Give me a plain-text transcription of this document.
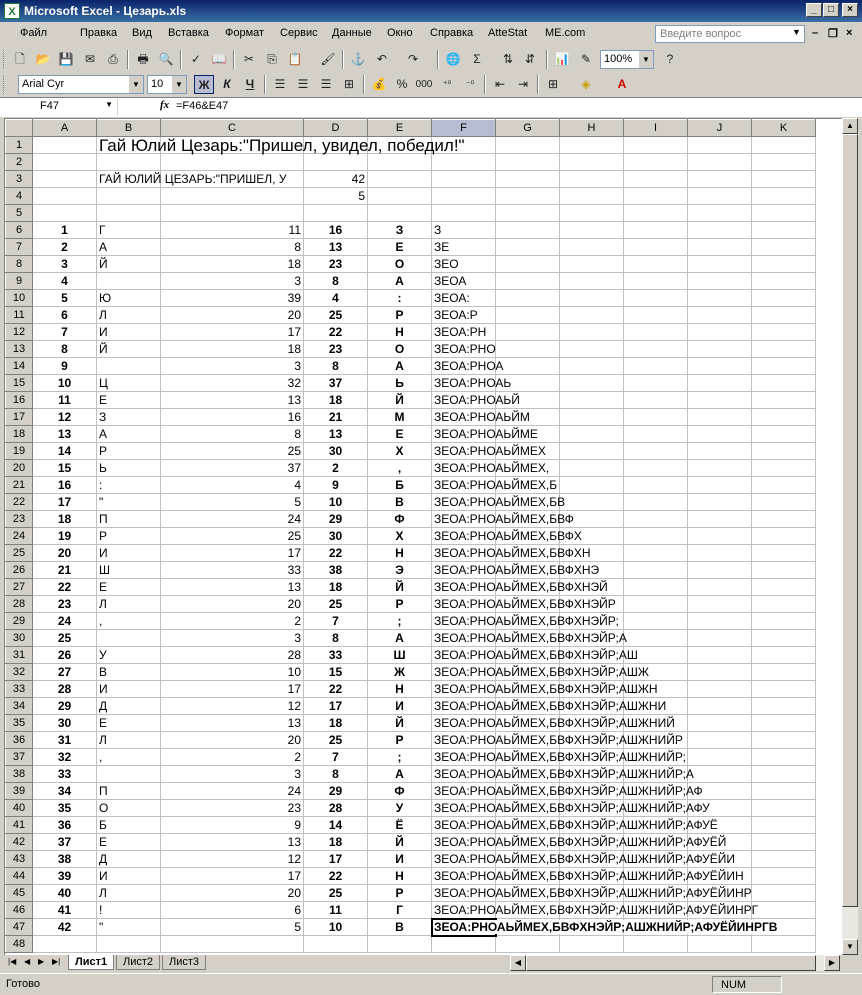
X Microsoft Excel - Цезарь.xls	_	□	×
Файл	Правка Вид Вставка Формат Сервис Данные Окно Справка AtteStat ME.com	Введите вопрос	▼ – ❐ ×
🗋 📂 💾 ✉	⎙	🖶 🔍	✓ 📖	✂	⎘ 📋 🖌 ⚓ ↶	↷	🌐	Σ	⇅ ⇵	📊 ✎	100%	▼	?
Arial Cyr	▼	10	▼	Ж	К	Ч	☰	☰	☰	⊞	💰 % 000	⁺⁰	⁻⁰	⇤	⇥	⊞	◈	A
F47	▼	fx =F46&E47
	A	B	C	D	E	F	G	H	I	J	K
1		Гай Юлий Цезарь:"Пришел, увидел, победил!"									

2											
3		ГАЙ ЮЛИЙ ЦЕЗАРЬ:"ПРИШЕЛ, У		42							
4				5							
5											
6	1	Г	11	16	З	З					

7	2	А	8	13	Е	ЗЕ					

8	3	Й	18	23	О	ЗЕО					

9	4		3	8	А	ЗЕОА					

10	5	Ю	39	4	:	ЗЕОА:					

11	6	Л	20	25	Р	ЗЕОА:Р					

12	7	И	17	22	Н	ЗЕОА:РН					

13	8	Й	18	23	О	ЗЕОА:РНО					

14	9		3	8	А	ЗЕОА:РНОА					

15	10	Ц	32	37	Ь	ЗЕОА:РНОАЬ					

16	11	Е	13	18	Й	ЗЕОА:РНОАЬЙ					

17	12	З	16	21	М	ЗЕОА:РНОАЬЙМ					

18	13	А	8	13	Е	ЗЕОА:РНОАЬЙМЕ					

19	14	Р	25	30	Х	ЗЕОА:РНОАЬЙМЕХ					

20	15	Ь	37	2	,	ЗЕОА:РНОАЬЙМЕХ,					

21	16	:	4	9	Б	ЗЕОА:РНОАЬЙМЕХ,Б					

22	17	"	5	10	В	ЗЕОА:РНОАЬЙМЕХ,БВ					

23	18	П	24	29	Ф	ЗЕОА:РНОАЬЙМЕХ,БВФ					

24	19	Р	25	30	Х	ЗЕОА:РНОАЬЙМЕХ,БВФХ					

25	20	И	17	22	Н	ЗЕОА:РНОАЬЙМЕХ,БВФХН					

26	21	Ш	33	38	Э	ЗЕОА:РНОАЬЙМЕХ,БВФХНЭ					

27	22	Е	13	18	Й	ЗЕОА:РНОАЬЙМЕХ,БВФХНЭЙ					

28	23	Л	20	25	Р	ЗЕОА:РНОАЬЙМЕХ,БВФХНЭЙР					

29	24	,	2	7	;	ЗЕОА:РНОАЬЙМЕХ,БВФХНЭЙР;					

30	25		3	8	А	ЗЕОА:РНОАЬЙМЕХ,БВФХНЭЙР;А					

31	26	У	28	33	Ш	ЗЕОА:РНОАЬЙМЕХ,БВФХНЭЙР;АШ					

32	27	В	10	15	Ж	ЗЕОА:РНОАЬЙМЕХ,БВФХНЭЙР;АШЖ					

33	28	И	17	22	Н	ЗЕОА:РНОАЬЙМЕХ,БВФХНЭЙР;АШЖН					

34	29	Д	12	17	И	ЗЕОА:РНОАЬЙМЕХ,БВФХНЭЙР;АШЖНИ					

35	30	Е	13	18	Й	ЗЕОА:РНОАЬЙМЕХ,БВФХНЭЙР;АШЖНИЙ					

36	31	Л	20	25	Р	ЗЕОА:РНОАЬЙМЕХ,БВФХНЭЙР;АШЖНИЙР					

37	32	,	2	7	;	ЗЕОА:РНОАЬЙМЕХ,БВФХНЭЙР;АШЖНИЙР;					

38	33		3	8	А	ЗЕОА:РНОАЬЙМЕХ,БВФХНЭЙР;АШЖНИЙР;А					

39	34	П	24	29	Ф	ЗЕОА:РНОАЬЙМЕХ,БВФХНЭЙР;АШЖНИЙР;АФ					

40	35	О	23	28	У	ЗЕОА:РНОАЬЙМЕХ,БВФХНЭЙР;АШЖНИЙР;АФУ					

41	36	Б	9	14	Ё	ЗЕОА:РНОАЬЙМЕХ,БВФХНЭЙР;АШЖНИЙР;АФУЁ					

42	37	Е	13	18	Й	ЗЕОА:РНОАЬЙМЕХ,БВФХНЭЙР;АШЖНИЙР;АФУЁЙ					

43	38	Д	12	17	И	ЗЕОА:РНОАЬЙМЕХ,БВФХНЭЙР;АШЖНИЙР;АФУЁЙИ					

44	39	И	17	22	Н	ЗЕОА:РНОАЬЙМЕХ,БВФХНЭЙР;АШЖНИЙР;АФУЁЙИН					

45	40	Л	20	25	Р	ЗЕОА:РНОАЬЙМЕХ,БВФХНЭЙР;АШЖНИЙР;АФУЁЙИНР					

46	41	!	6	11	Г	ЗЕОА:РНОАЬЙМЕХ,БВФХНЭЙР;АШЖНИЙР;АФУЁЙИНРГ					

47	42	"	5	10	В	ЗЕОА:РНОАЬЙМЕХ,БВФХНЭЙР;АШЖНИЙР;АФУЁЙИНРГВ					

48											
▲
▼
|◀ ◀ ▶ ▶|	Лист1	Лист2	Лист3	◀	▶
Готово	NUM
